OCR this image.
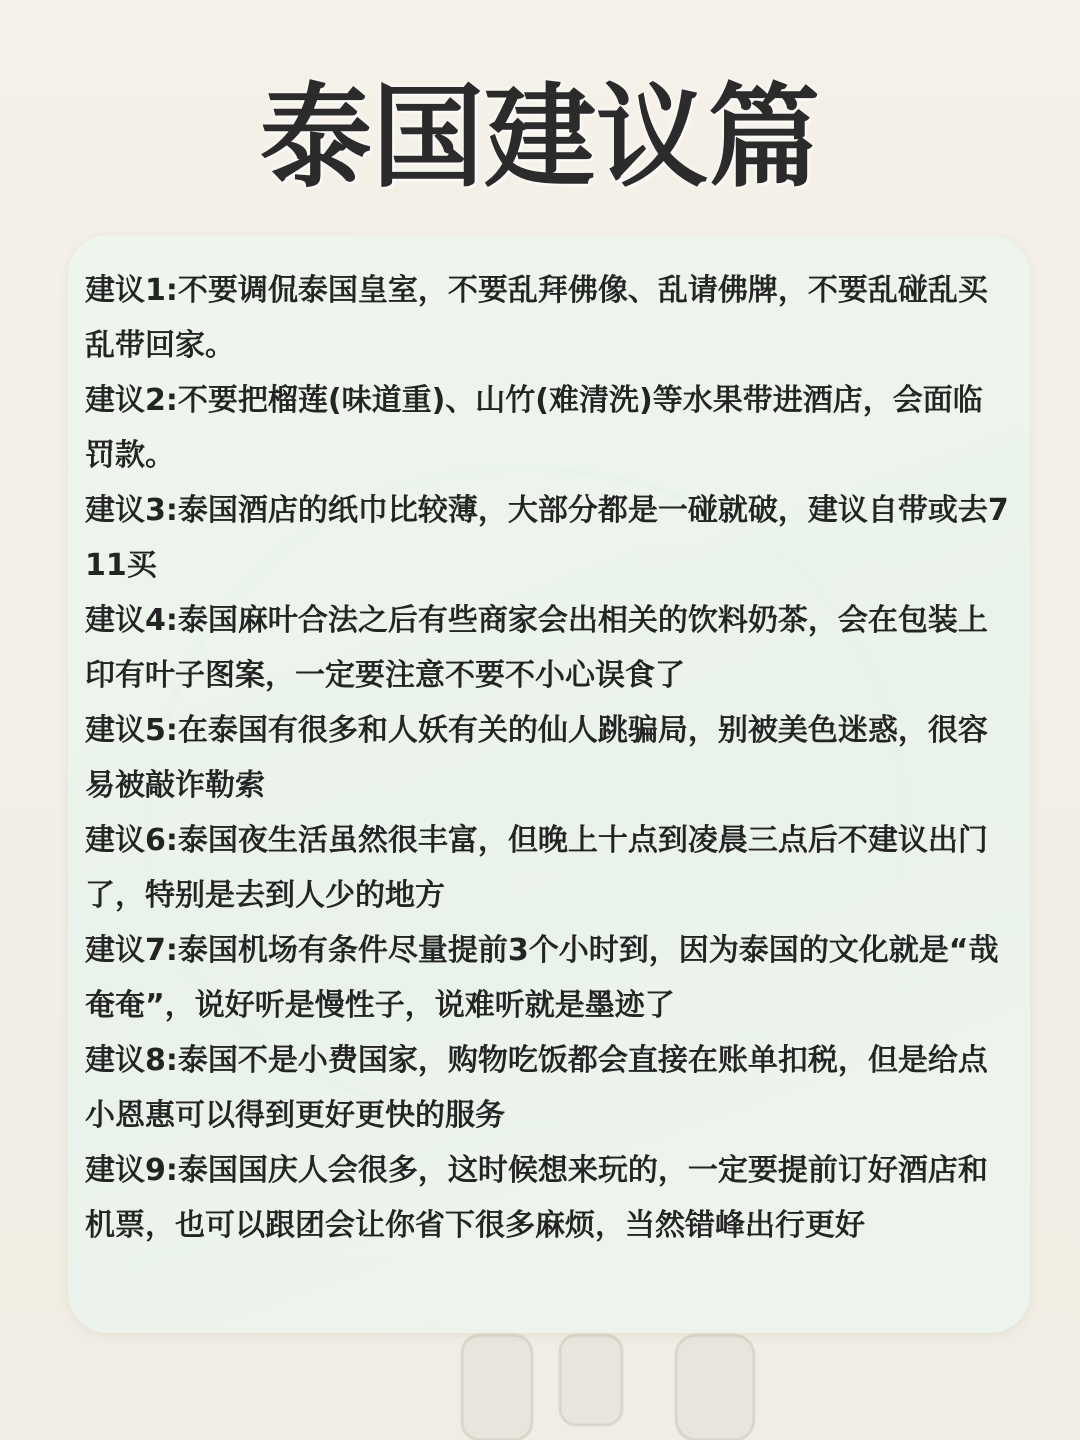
泰国建议篇

建议1:不要调侃泰国皇室，不要乱拜佛像、乱请佛牌，不要乱碰乱买乱带回家。

建议2:不要把榴莲(味道重)、山竹(难清洗)等水果带进酒店，会面临罚款。

建议3:泰国酒店的纸巾比较薄，大部分都是一碰就破，建议自带或去711买

建议4:泰国麻叶合法之后有些商家会出相关的饮料奶茶，会在包装上印有叶子图案，一定要注意不要不小心误食了

建议5:在泰国有很多和人妖有关的仙人跳骗局，别被美色迷惑，很容易被敲诈勒索

建议6:泰国夜生活虽然很丰富，但晚上十点到凌晨三点后不建议出门了，特别是去到人少的地方

建议7:泰国机场有条件尽量提前3个小时到，因为泰国的文化就是“哉奄奄”，说好听是慢性子，说难听就是墨迹了

建议8:泰国不是小费国家，购物吃饭都会直接在账单扣税，但是给点小恩惠可以得到更好更快的服务

建议9:泰国国庆人会很多，这时候想来玩的，一定要提前订好酒店和机票，也可以跟团会让你省下很多麻烦，当然错峰出行更好
